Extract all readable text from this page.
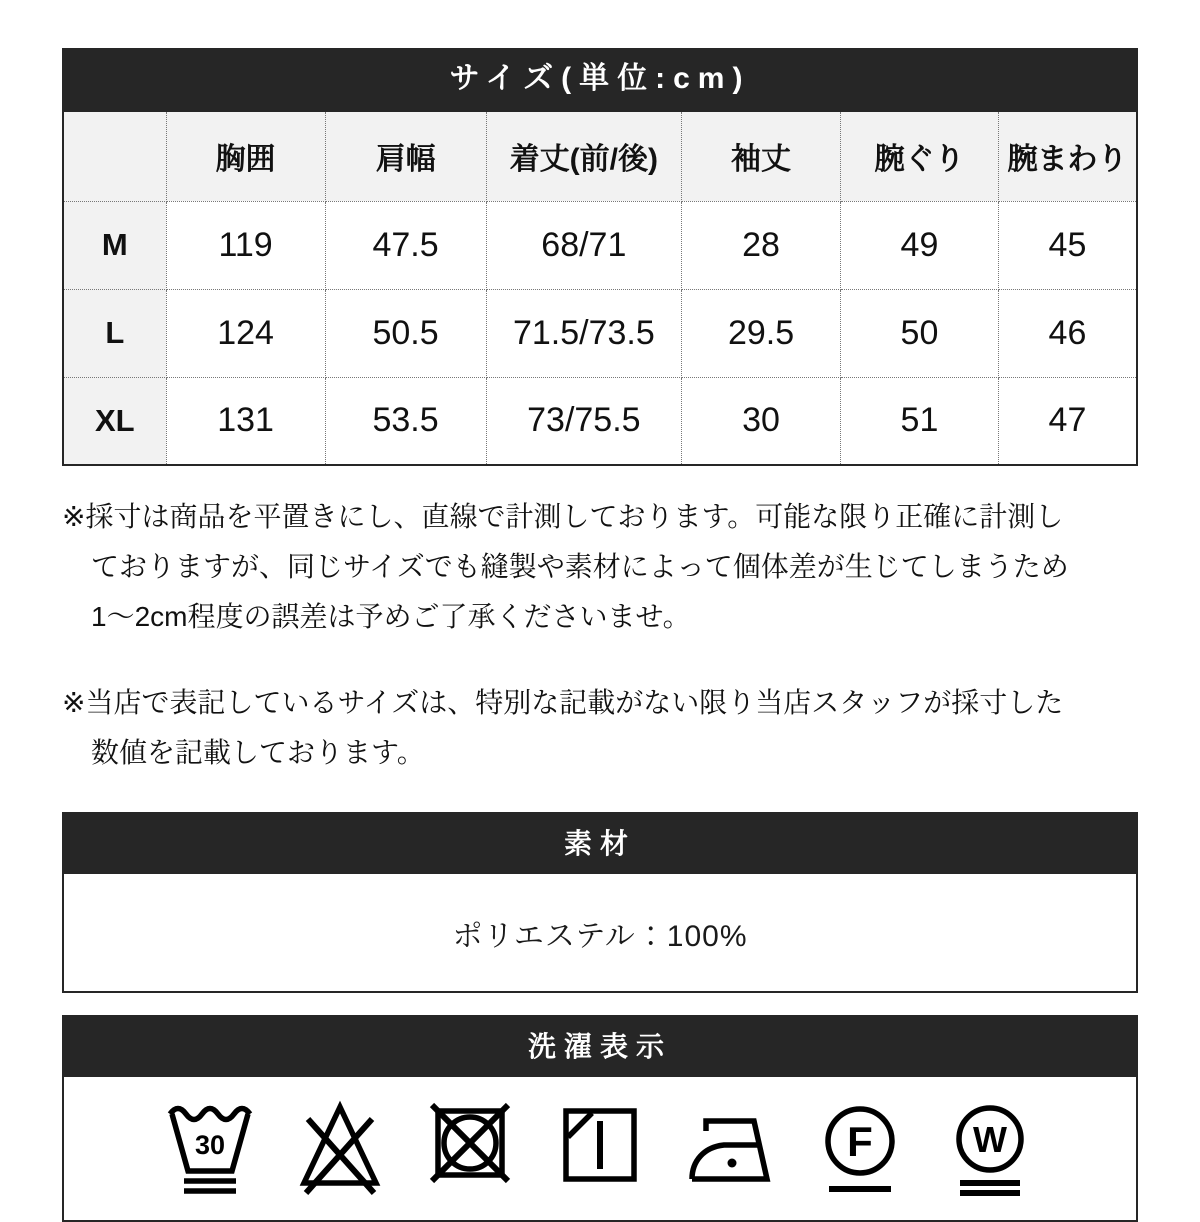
サイズ(単位:cm)
	胸囲	肩幅	着丈(前/後)	袖丈	腕ぐり	腕まわり
M	119	47.5	68/71	28	49	45
L	124	50.5	71.5/73.5	29.5	50	46
XL	131	53.5	73/75.5	30	51	47
※採寸は商品を平置きにし、直線で計測しております。可能な限り正確に計測し
ておりますが、同じサイズでも縫製や素材によって個体差が生じてしまうため
1〜2cm程度の誤差は予めご了承くださいませ。
※当店で表記しているサイズは、特別な記載がない限り当店スタッフが採寸した
数値を記載しております。
素材
ポリエステル：100%
洗濯表示
30	F	W
